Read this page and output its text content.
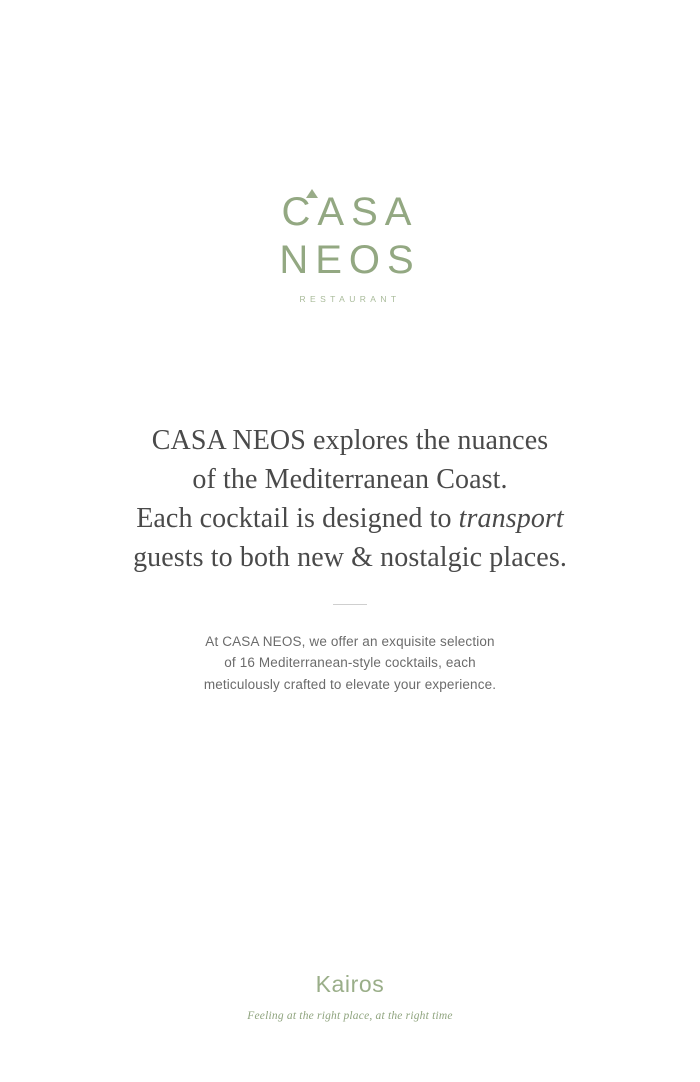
CASA
NEOS
RESTAURANT
CASA NEOS explores the nuances
of the Mediterranean Coast.
Each cocktail is designed to transport
guests to both new & nostalgic places.
At CASA NEOS, we offer an exquisite selection
of 16 Mediterranean-style cocktails, each
meticulously crafted to elevate your experience.
Kairos
Feeling at the right place, at the right time
